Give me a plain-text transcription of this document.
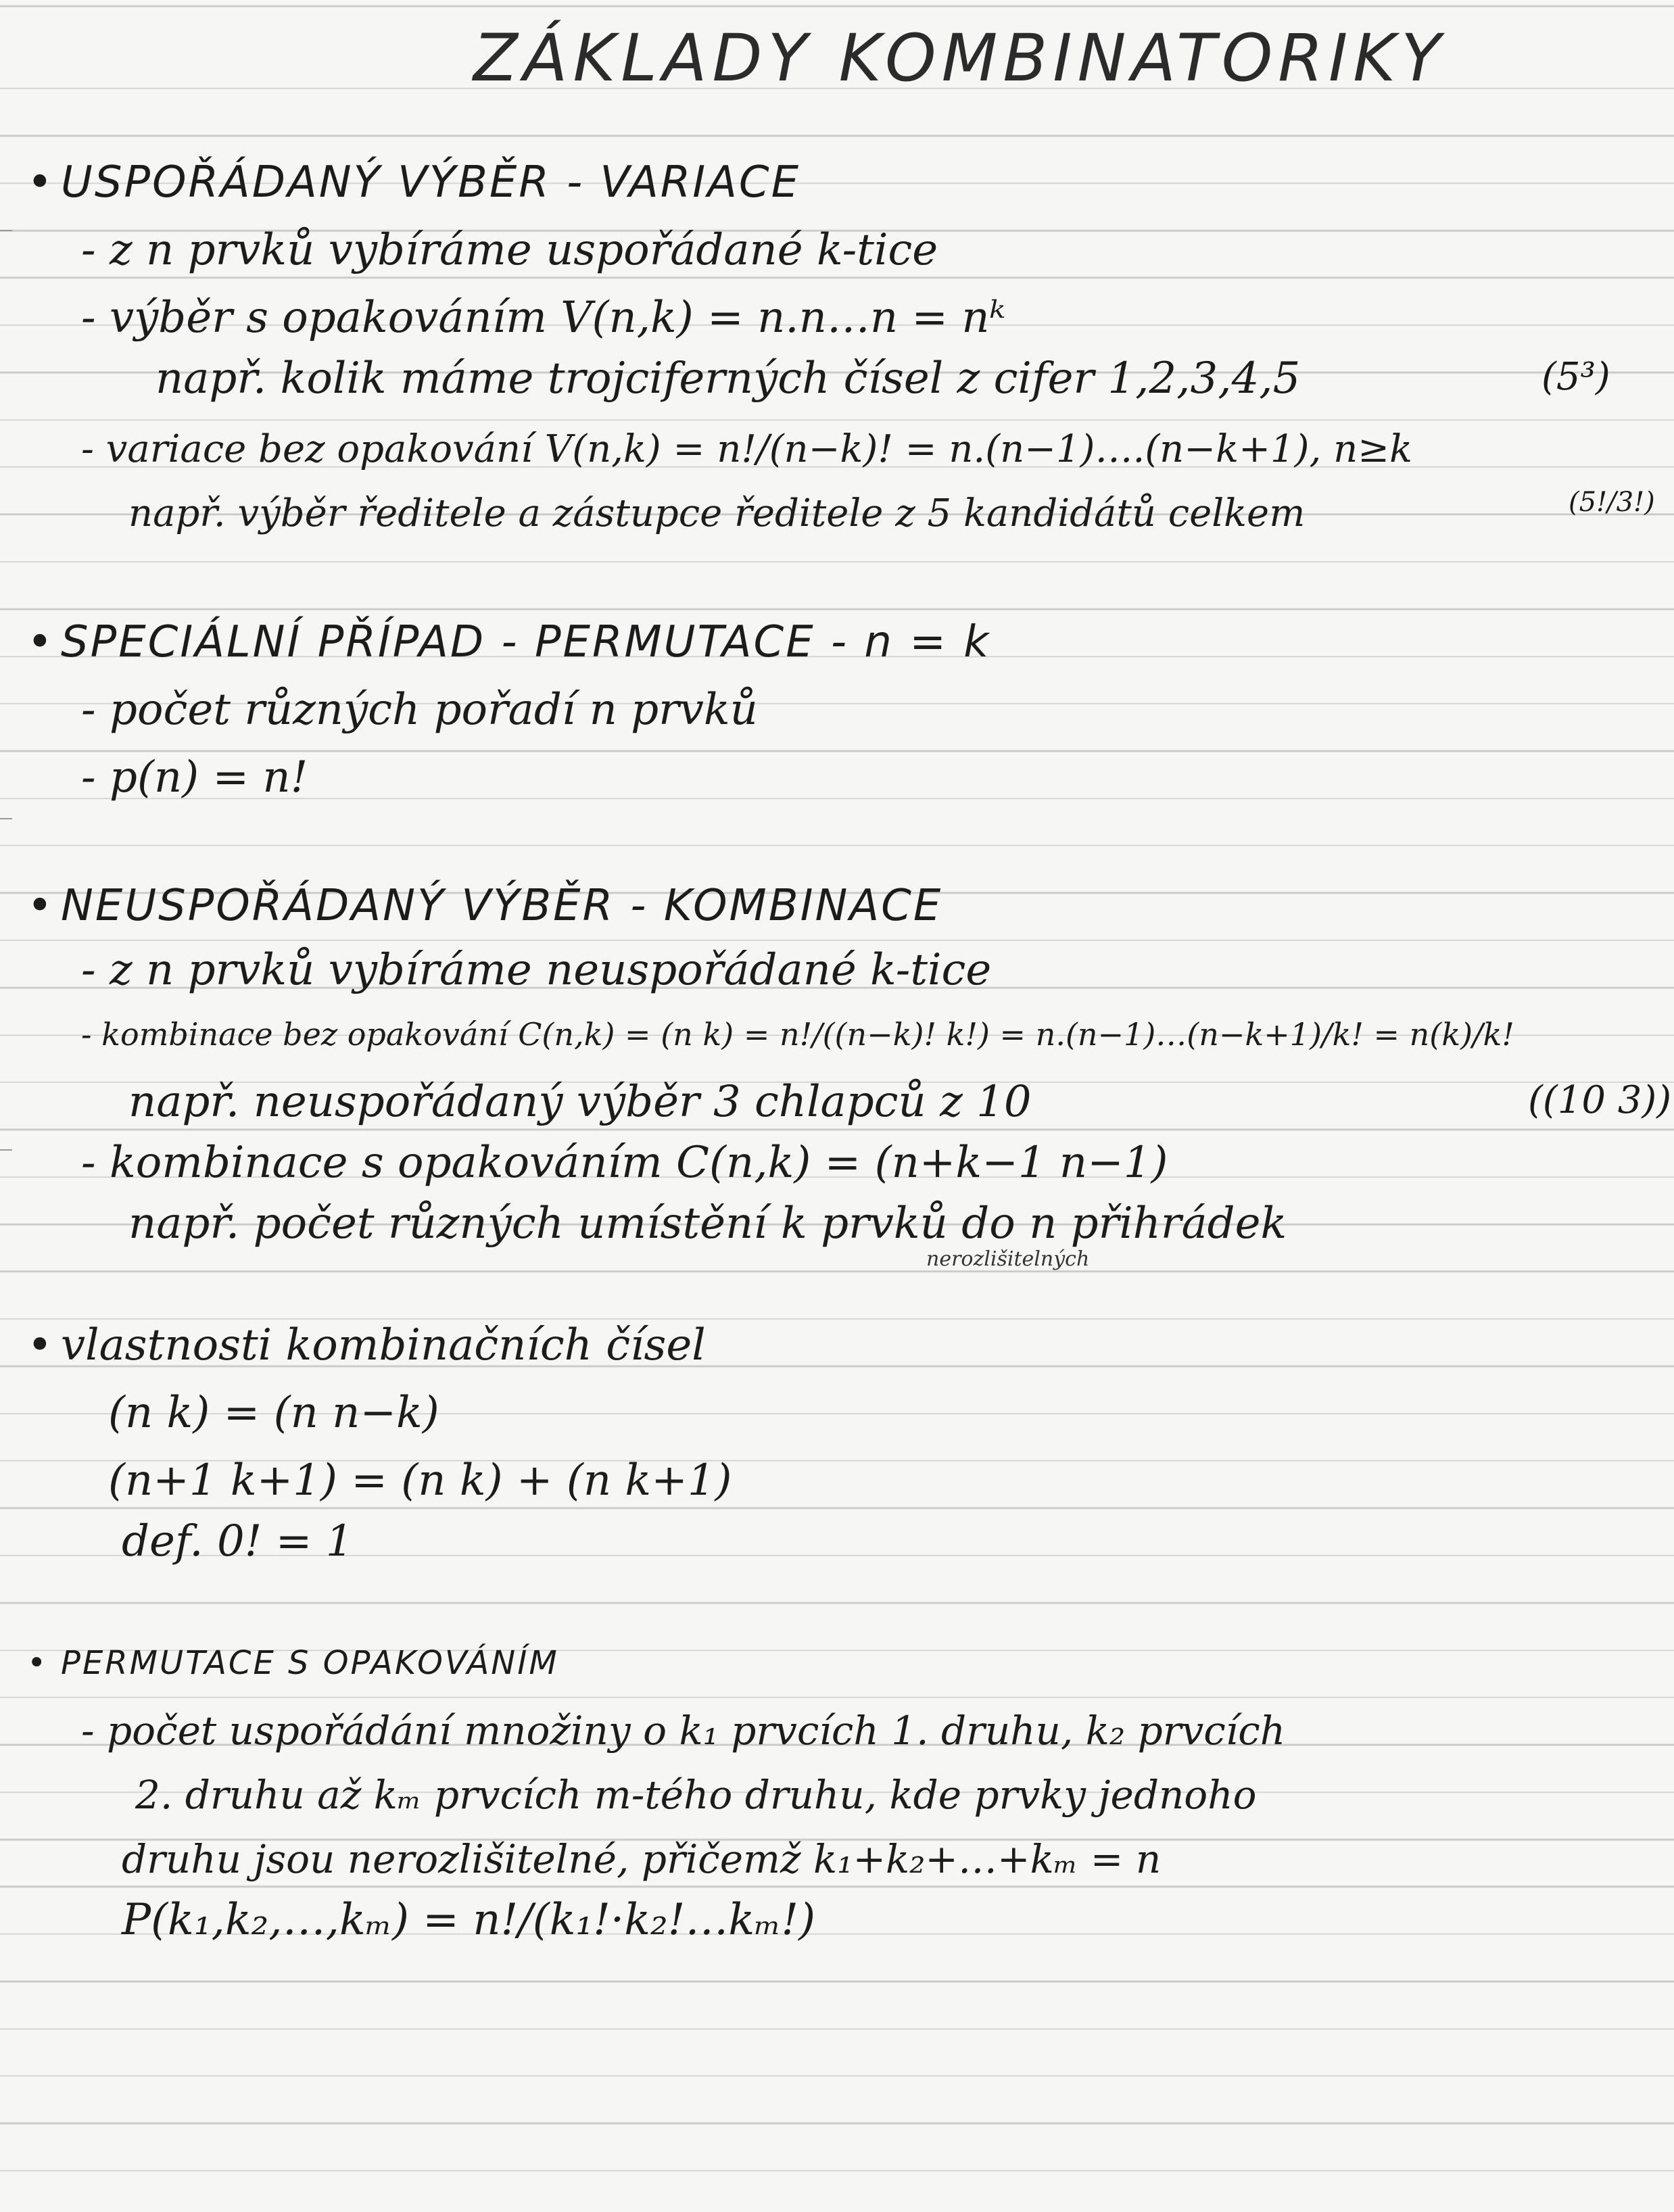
ZÁKLADY KOMBINATORIKY
• USPOŘÁDANÝ VÝBĚR - VARIACE
- z n prvků vybíráme uspořádané k-tice
- výběr s opakováním V(n,k) = n.n…n = nᵏ
např. kolik máme trojciferných čísel z cifer 1,2,3,4,5	(5³)
- variace bez opakování V(n,k) = n!/(n−k)! = n.(n−1)….(n−k+1), n≥k
např. výběr ředitele a zástupce ředitele z 5 kandidátů celkem	(5!/3!)
• SPECIÁLNÍ PŘÍPAD - PERMUTACE - n = k
- počet různých pořadí n prvků
- p(n) = n!
• NEUSPOŘÁDANÝ VÝBĚR - KOMBINACE
- z n prvků vybíráme neuspořádané k-tice
- kombinace bez opakování C(n,k) = (n k) = n!/((n−k)! k!) = n.(n−1)…(n−k+1)/k! = n(k)/k!
např. neuspořádaný výběr 3 chlapců z 10	((10 3))
- kombinace s opakováním C(n,k) = (n+k−1 n−1)
např. počet různých umístění k prvků do n přihrádek
nerozlišitelných
• vlastnosti kombinačních čísel
(n k) = (n n−k)
(n+1 k+1) = (n k) + (n k+1)
def. 0! = 1
• PERMUTACE S OPAKOVÁNÍM
- počet uspořádání množiny o k₁ prvcích 1. druhu, k₂ prvcích
2. druhu až kₘ prvcích m-tého druhu, kde prvky jednoho
druhu jsou nerozlišitelné, přičemž k₁+k₂+…+kₘ = n
P(k₁,k₂,…,kₘ) = n!/(k₁!·k₂!…kₘ!)
